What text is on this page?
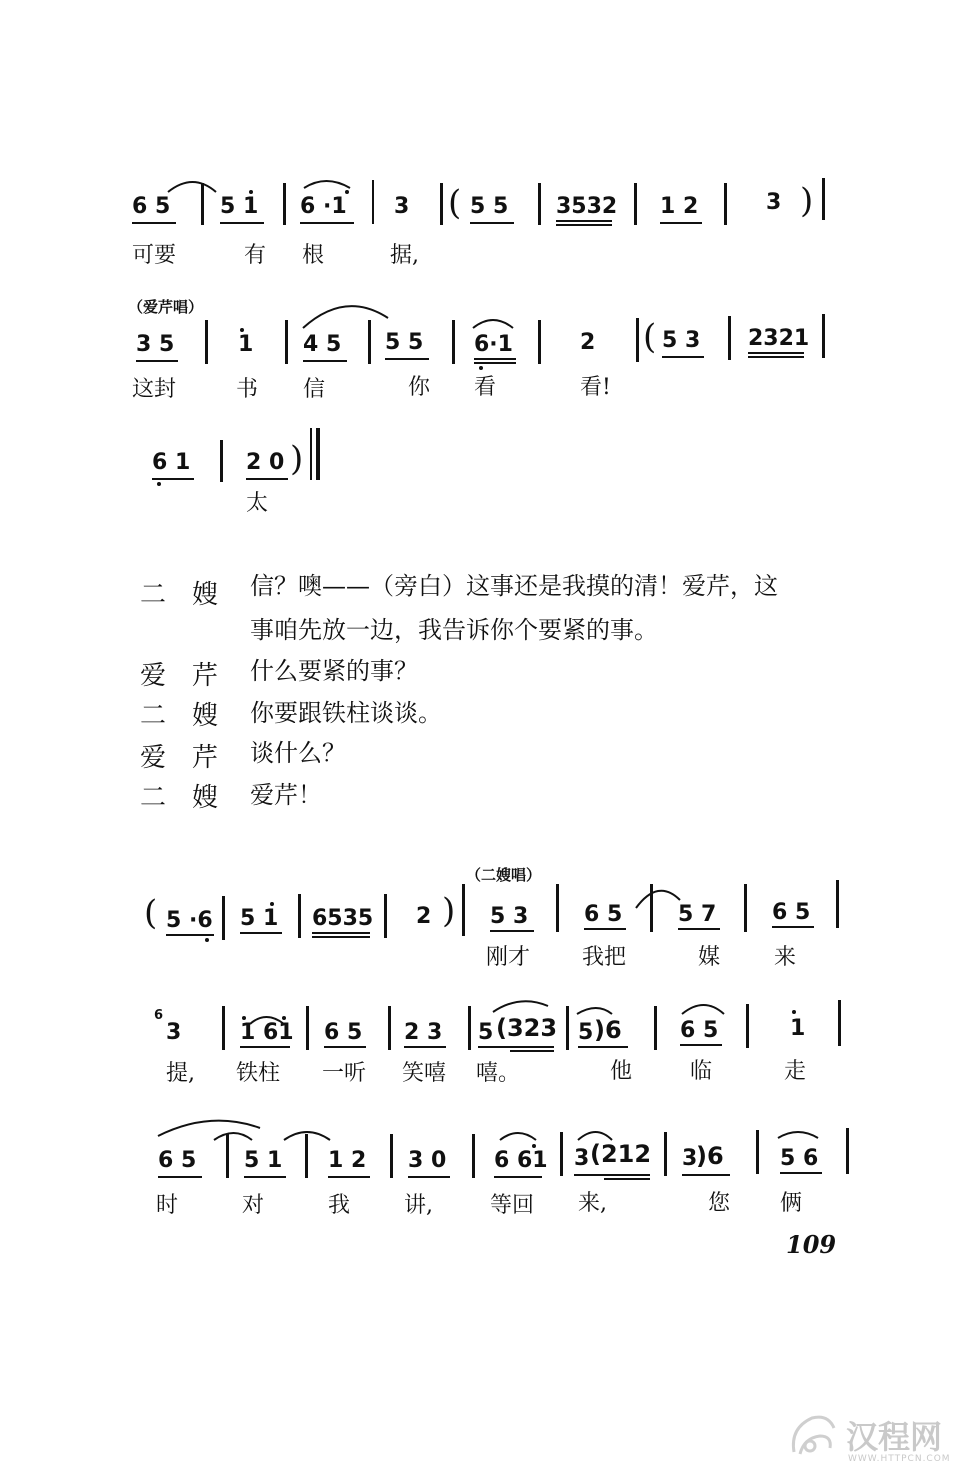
6 5 5 1 6 ·1 3 ( 5 5 3532 1 2	3 )
可要	有 根	据,
（爱芹唱）
3 5	1 4 5 5 5 6·1	2 ( 5 3 2321
这封	书 信	你 看	看!
6 1	2 0 )
太
二　嫂 信？噢——（旁白）这事还是我摸的清！爱芹，这
事咱先放一边，我告诉你个要紧的事。
爱　芹 什么要紧的事？
二　嫂 你要跟铁柱谈谈。
爱　芹 谈什么？
二　嫂 爱芹！
（二嫂唱）
( 5 ·6 5 1 6535 2 ) 5 3	6 5	5 7	6 5
刚才 我把	媒 来
6
3	1 61 6 5 2 3 5 (323 5 )6	6 5	1
提, 铁柱 一听 笑嘻 嘻。	他	临	走
6 5 5 1 1 2 3 0 6 61 3 (212 3
)6	5 6
时	对	我 讲,	等回 来,	您 俩
109
汉程网
WWW.HTTPCN.COM
